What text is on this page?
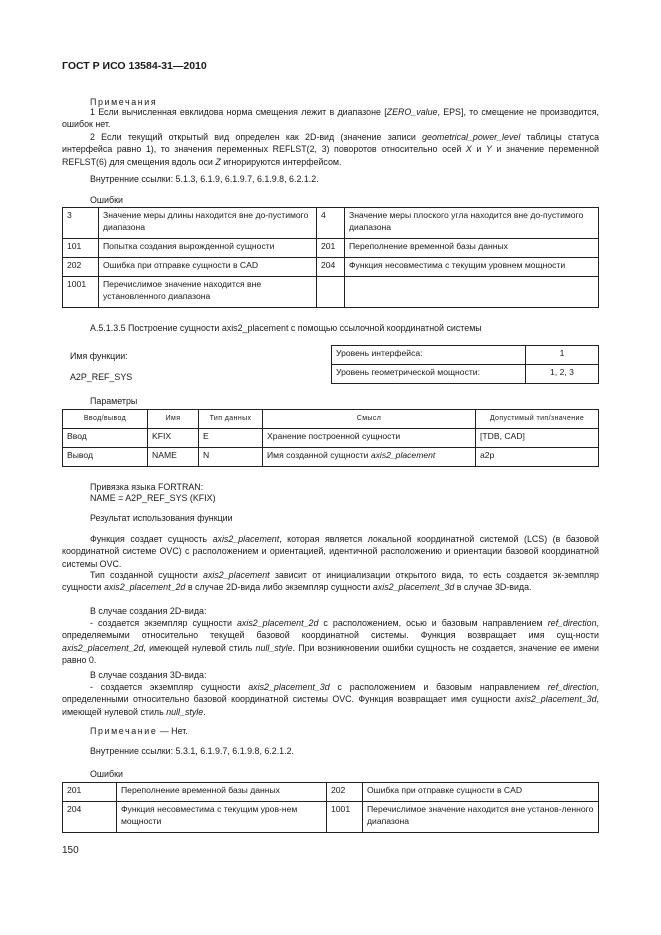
ГОСТ Р ИСО 13584-31—2010
Примечания
1 Если вычисленная евклидова норма смещения лежит в диапазоне [ZERO_value, EPS], то смещение не производится, ошибок нет.
2 Если текущий открытый вид определен как 2D-вид (значение записи geometrical_power_level таблицы статуса интерфейса равно 1), то значения переменных REFLST(2, 3) поворотов относительно осей X и Y и значение переменной REFLST(6) для смещения вдоль оси Z игнорируются интерфейсом.
Внутренние ссылки: 5.1.3, 6.1.9, 6.1.9.7, 6.1.9.8, 6.2.1.2.
Ошибки
3	Значение меры длины находится вне до-пустимого диапазона	4	Значение меры плоского угла находится вне до-пустимого диапазона
101	Попытка создания вырожденной сущности	201	Переполнение временной базы данных
202	Ошибка при отправке сущности в CAD	204	Функция несовместима с текущим уровнем мощности
1001	Перечислимое значение находится вне установленного диапазона		
А.5.1.3.5 Построение сущности axis2_placement с помощью ссылочной координатной системы
Имя функции:
A2P_REF_SYS
Уровень интерфейса:	1
Уровень геометрической мощности:	1, 2, 3
Параметры
Ввод/вывод	Имя	Тип данных	Смысл	Допустимый тип/значение
Ввод	KFIX	E	Хранение построенной сущности	[TDB, CAD]
Вывод	NAME	N	Имя созданной сущности axis2_placement	a2p
Привязка языка FORTRAN:
NAME = A2P_REF_SYS (KFIX)
Результат использования функции
Функция создает сущность axis2_placement, которая является локальной координатной системой (LCS) (в базовой координатной системе OVC) с расположением и ориентацией, идентичной расположению и ориентации базовой координатной системы OVC.
Тип созданной сущности axis2_placement зависит от инициализации открытого вида, то есть создается эк-земпляр сущности axis2_placement_2d в случае 2D-вида либо экземпляр сущности axis2_placement_3d в случае 3D-вида.
В случае создания 2D-вида:
- создается экземпляр сущности axis2_placement_2d с расположением, осью и базовым направлением ref_direction, определяемыми относительно текущей базовой координатной системы. Функция возвращает имя сущ-ности axis2_placement_2d, имеющей нулевой стиль null_style. При возникновении ошибки сущность не создается, значение ее имени равно 0.
В случае создания 3D-вида:
- создается экземпляр сущности axis2_placement_3d с расположением и базовым направлением ref_direction, определенными относительно базовой координатной системы OVC. Функция возвращает имя сущности axis2_placement_3d, имеющей нулевой стиль null_style.
Примечание — Нет.
Внутренние ссылки: 5.3.1, 6.1.9.7, 6.1.9.8, 6.2.1.2.
Ошибки
201	Переполнение временной базы данных	202	Ошибка при отправке сущности в CAD
204	Функция несовместима с текущим уров-нем мощности	1001	Перечислимое значение находится вне установ-ленного диапазона
150
